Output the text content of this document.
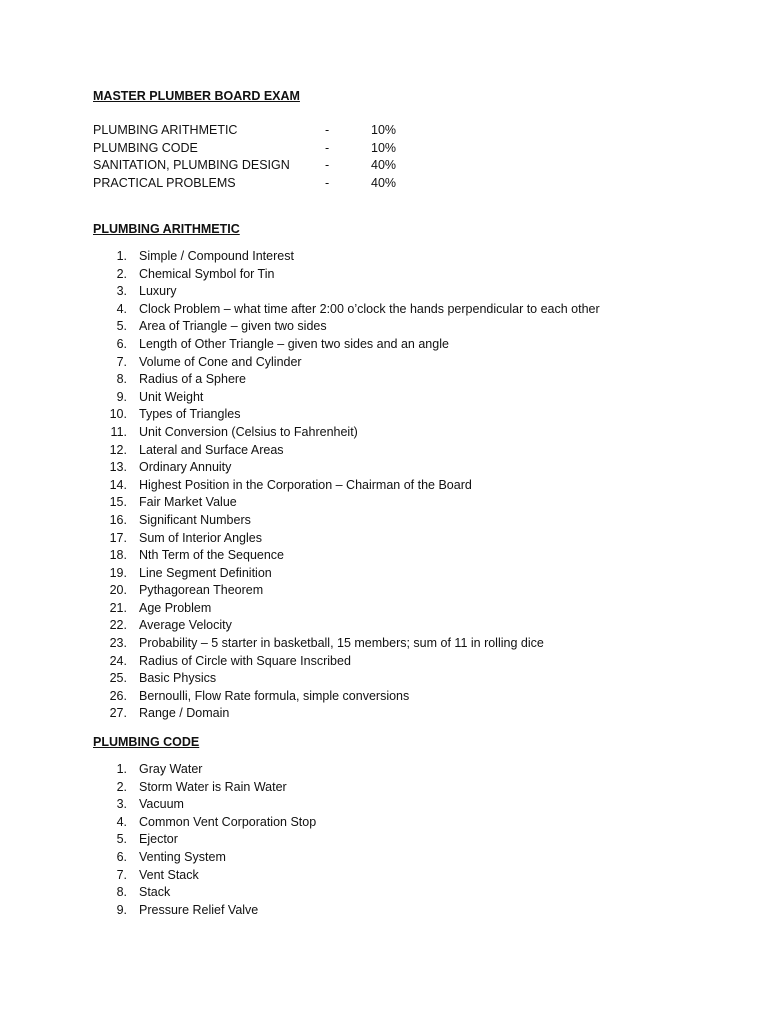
MASTER PLUMBER BOARD EXAM
PLUMBING ARITHMETIC	-	10%
PLUMBING CODE	-	10%
SANITATION, PLUMBING DESIGN	-	40%
PRACTICAL PROBLEMS	-	40%
PLUMBING ARITHMETIC
1. Simple / Compound Interest
2. Chemical Symbol for Tin
3. Luxury
4. Clock Problem – what time after 2:00 o’clock the hands perpendicular to each other
5. Area of Triangle – given two sides
6. Length of Other Triangle – given two sides and an angle
7. Volume of Cone and Cylinder
8. Radius of a Sphere
9. Unit Weight
10. Types of Triangles
11. Unit Conversion (Celsius to Fahrenheit)
12. Lateral and Surface Areas
13. Ordinary Annuity
14. Highest Position in the Corporation – Chairman of the Board
15. Fair Market Value
16. Significant Numbers
17. Sum of Interior Angles
18. Nth Term of the Sequence
19. Line Segment Definition
20. Pythagorean Theorem
21. Age Problem
22. Average Velocity
23. Probability – 5 starter in basketball, 15 members; sum of 11 in rolling dice
24. Radius of Circle with Square Inscribed
25. Basic Physics
26. Bernoulli, Flow Rate formula, simple conversions
27. Range / Domain
PLUMBING CODE
1. Gray Water
2. Storm Water is Rain Water
3. Vacuum
4. Common Vent Corporation Stop
5. Ejector
6. Venting System
7. Vent Stack
8. Stack
9. Pressure Relief Valve
